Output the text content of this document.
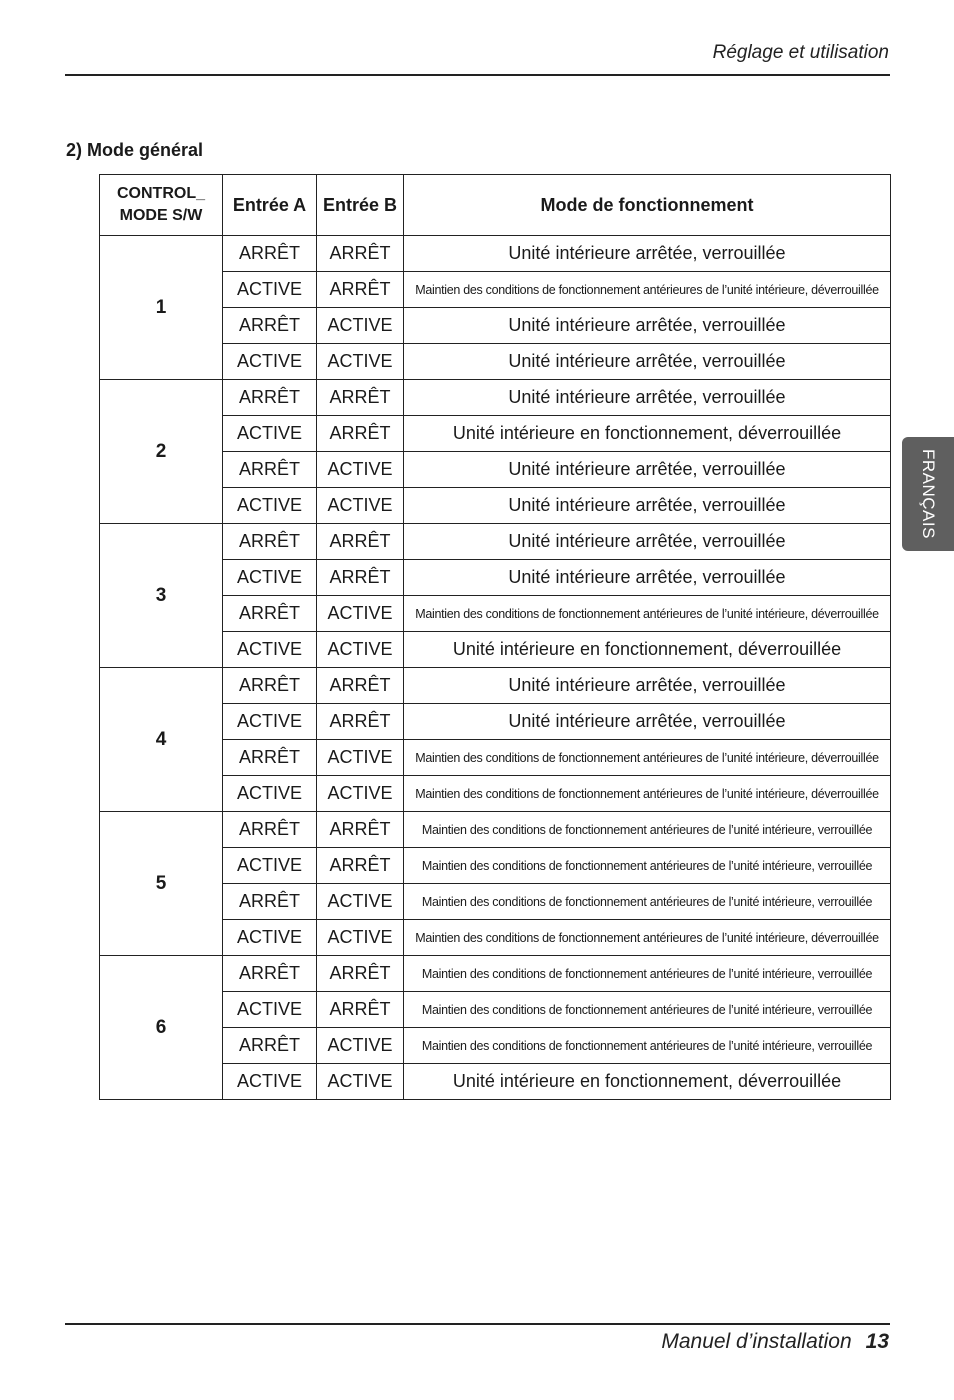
Réglage et utilisation
2) Mode général
FRANÇAIS
CONTROL_
MODE S/W	Entrée A	Entrée B	Mode de fonctionnement
1	ARRÊT	ARRÊT	Unité intérieure arrêtée, verrouillée
	ACTIVE	ARRÊT	Maintien des conditions de fonctionnement antérieures de l’unité intérieure, déverrouillée
	ARRÊT	ACTIVE	Unité intérieure arrêtée, verrouillée
	ACTIVE	ACTIVE	Unité intérieure arrêtée, verrouillée
2	ARRÊT	ARRÊT	Unité intérieure arrêtée, verrouillée
	ACTIVE	ARRÊT	Unité intérieure en fonctionnement, déverrouillée
	ARRÊT	ACTIVE	Unité intérieure arrêtée, verrouillée
	ACTIVE	ACTIVE	Unité intérieure arrêtée, verrouillée
3	ARRÊT	ARRÊT	Unité intérieure arrêtée, verrouillée
	ACTIVE	ARRÊT	Unité intérieure arrêtée, verrouillée
	ARRÊT	ACTIVE	Maintien des conditions de fonctionnement antérieures de l’unité intérieure, déverrouillée
	ACTIVE	ACTIVE	Unité intérieure en fonctionnement, déverrouillée
4	ARRÊT	ARRÊT	Unité intérieure arrêtée, verrouillée
	ACTIVE	ARRÊT	Unité intérieure arrêtée, verrouillée
	ARRÊT	ACTIVE	Maintien des conditions de fonctionnement antérieures de l’unité intérieure, déverrouillée
	ACTIVE	ACTIVE	Maintien des conditions de fonctionnement antérieures de l’unité intérieure, déverrouillée
5	ARRÊT	ARRÊT	Maintien des conditions de fonctionnement antérieures de l’unité intérieure, verrouillée
	ACTIVE	ARRÊT	Maintien des conditions de fonctionnement antérieures de l’unité intérieure, verrouillée
	ARRÊT	ACTIVE	Maintien des conditions de fonctionnement antérieures de l’unité intérieure, verrouillée
	ACTIVE	ACTIVE	Maintien des conditions de fonctionnement antérieures de l’unité intérieure, déverrouillée
6	ARRÊT	ARRÊT	Maintien des conditions de fonctionnement antérieures de l’unité intérieure, verrouillée
	ACTIVE	ARRÊT	Maintien des conditions de fonctionnement antérieures de l’unité intérieure, verrouillée
	ARRÊT	ACTIVE	Maintien des conditions de fonctionnement antérieures de l’unité intérieure, verrouillée
	ACTIVE	ACTIVE	Unité intérieure en fonctionnement, déverrouillée
Manuel d’installation 13
